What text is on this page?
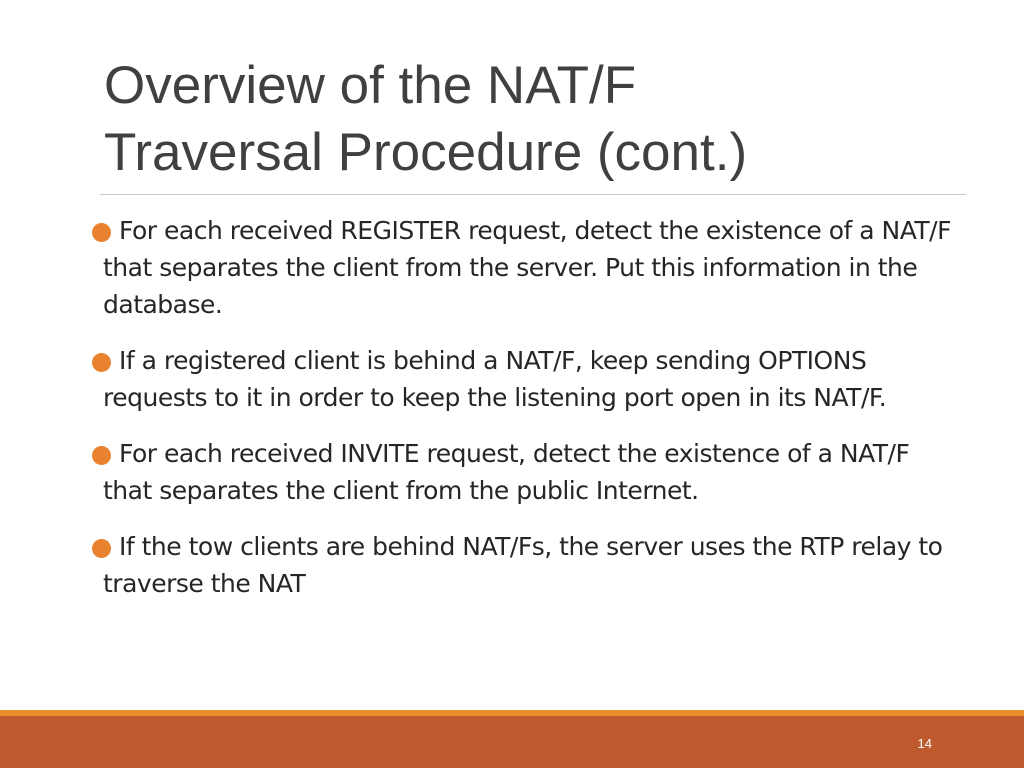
Overview of the NAT/F
Traversal Procedure (cont.)
For each received REGISTER request, detect the existence of a NAT/F that separates the client from the server. Put this information in the database.
If a registered client is behind a NAT/F, keep sending OPTIONS requests to it in order to keep the listening port open in its NAT/F.
For each received INVITE request, detect the existence of a NAT/F that separates the client from the public Internet.
If the tow clients are behind NAT/Fs, the server uses the RTP relay to traverse the NAT
14
